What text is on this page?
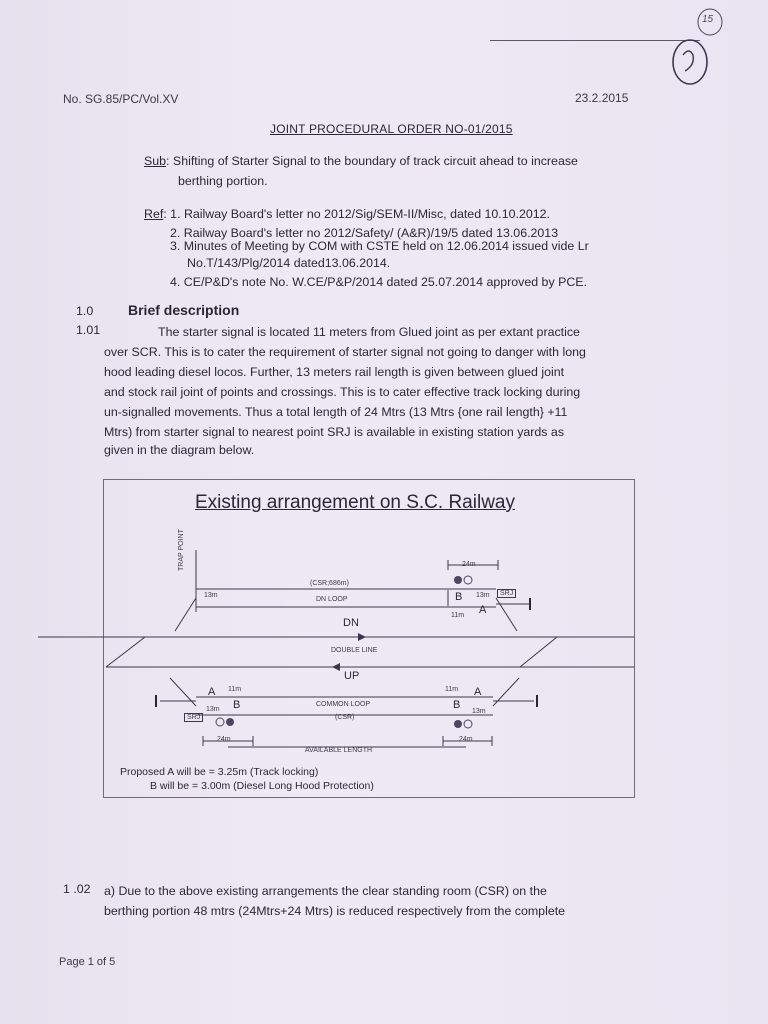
15
No. SG.85/PC/Vol.XV	23.2.2015
JOINT PROCEDURAL ORDER NO-01/2015
Sub: Shifting of Starter Signal to the boundary of track circuit ahead to increase
berthing portion.
Ref: 1. Railway Board's letter no 2012/Sig/SEM-II/Misc, dated 10.10.2012.
2. Railway Board's letter no 2012/Safety/ (A&R)/19/5 dated 13.06.2013
3. Minutes of Meeting by COM with CSTE held on 12.06.2014 issued vide Lr
No.T/143/Plg/2014 dated13.06.2014.
4. CE/P&D's note No. W.CE/P&P/2014 dated 25.07.2014 approved by PCE.
1.0 Brief description
1.01	The starter signal is located 11 meters from Glued joint as per extant practice
over SCR. This is to cater the requirement of starter signal not going to danger with long
hood leading diesel locos. Further, 13 meters rail length is given between glued joint
and stock rail joint of points and crossings. This is to cater effective track locking during
un-signalled movements. Thus a total length of 24 Mtrs (13 Mtrs {one rail length} +11
Mtrs) from starter signal to nearest point SRJ is available in existing station yards as
given in the diagram below.
Existing arrangement on S.C. Railway
TRAP POINT
(CSR;686m)
DN LOOP
13m
24m
13m
11m
SRJ
B
A
DN
DOUBLE LINE
UP
A 11m
13m B
SRJ
COMMON LOOP
(CSR)
24m
A
11m
B
13m
24m
AVAILABLE LENGTH
Proposed A will be = 3.25m (Track locking)
B will be = 3.00m (Diesel Long Hood Protection)
1 .02 a) Due to the above existing arrangements the clear standing room (CSR) on the
berthing portion 48 mtrs (24Mtrs+24 Mtrs) is reduced respectively from the complete
Page 1 of 5
